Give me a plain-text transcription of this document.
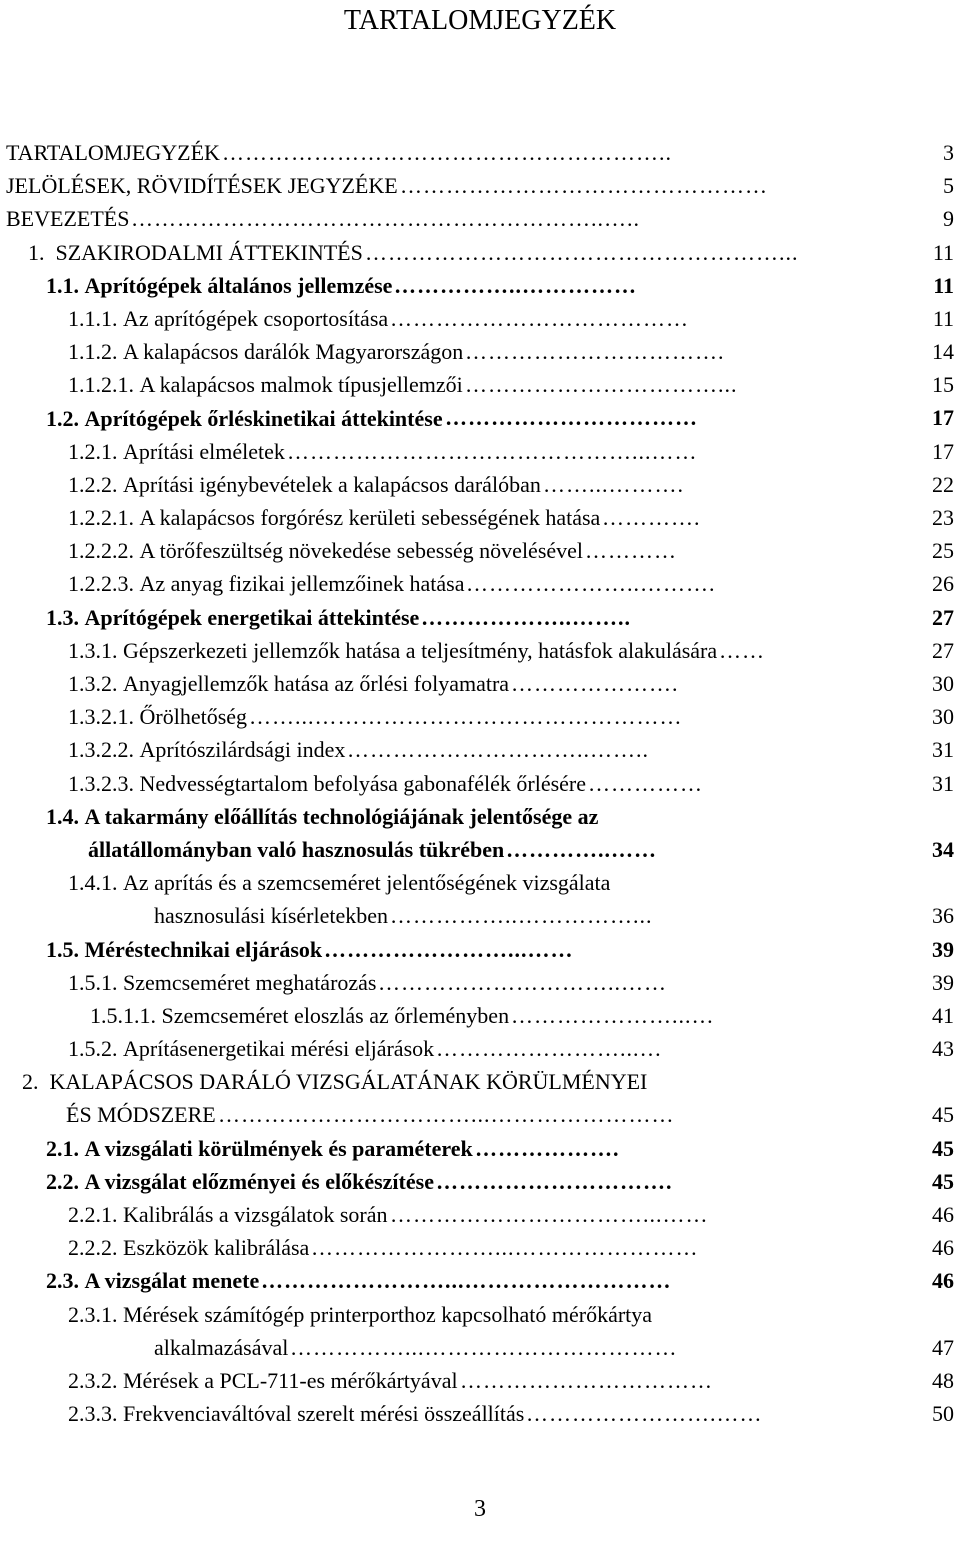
TARTALOMJEGYZÉK
TARTALOMJEGYZÉK …………………………………………………..	3
JELÖLÉSEK, RÖVIDÍTÉSEK JEGYZÉKE …………………………………………	5
BEVEZETÉS ……………………………………………………..…..	9
1.  SZAKIRODALMI ÁTTEKINTÉS ………………………………………………...	11
1.1. Aprítógépek általános jellemzése ……………..……………	11
1.1.1. Az aprítógépek csoportosítása …………………………………	11
1.1.2. A kalapácsos darálók Magyarországon …………………………….	14
1.1.2.1. A kalapácsos malmok típusjellemzői ……………………………...	15
1.2. Aprítógépek őrléskinetikai áttekintése ……………………………	17
1.2.1. Aprítási elméletek ………………………………………...……	17
1.2.2. Aprítási igénybevételek a kalapácsos darálóban ……...……….	22
1.2.2.1. A kalapácsos forgórész kerületi sebességének hatása ………….	23
1.2.2.2. A törőfeszültség növekedése sebesség növelésével …………	25
1.2.2.3. Az anyag fizikai jellemzőinek hatása …………………..……….	26
1.3. Aprítógépek energetikai áttekintése ………………..……..	27
1.3.1. Gépszerkezeti jellemzők hatása a teljesítmény, hatásfok alakulására ……	27
1.3.2. Anyagjellemzők hatása az őrlési folyamatra ………………….	30
1.3.2.1. Őrölhetőség ……...…………………………………………	30
1.3.2.2. Aprítószilárdsági index …………………………..……..	31
1.3.2.3. Nedvességtartalom befolyása gabonafélék őrlésére ……………	31
1.4. A takarmány előállítás technológiájának jelentősége az
állatállományban való hasznosulás tükrében …………..……	34
1.4.1. Az aprítás és a szemcseméret jelentőségének vizsgálata
hasznosulási kísérletekben ……………..……………...	36
1.5. Méréstechnikai eljárások ……………………...……	39
1.5.1. Szemcseméret meghatározás …………………………..……	39
1.5.1.1. Szemcseméret eloszlás az őrleményben …………………...…	41
1.5.2. Aprításenergetikai mérési eljárások ……………………...…	43
2.  KALAPÁCSOS DARÁLÓ VIZSGÁLATÁNAK KÖRÜLMÉNYEI
ÉS MÓDSZERE ……………………………...……………………	45
2.1. A vizsgálati körülmények és paraméterek ……………….	45
2.2. A vizsgálat előzményei és előkészítése ………………………….	45
2.2.1. Kalibrálás a vizsgálatok során ……………………………...……	46
2.2.2. Eszközök kalibrálása ……………………...……………………	46
2.3. A vizsgálat menete ……………………...………………………	46
2.3.1. Mérések számítógép printerporthoz kapcsolható mérőkártya
alkalmazásával ……………...……………………………	47
2.3.2. Mérések a PCL-711-es mérőkártyával ……………………………	48
2.3.3. Frekvenciaváltóval szerelt mérési összeállítás …………………….……	50
3
